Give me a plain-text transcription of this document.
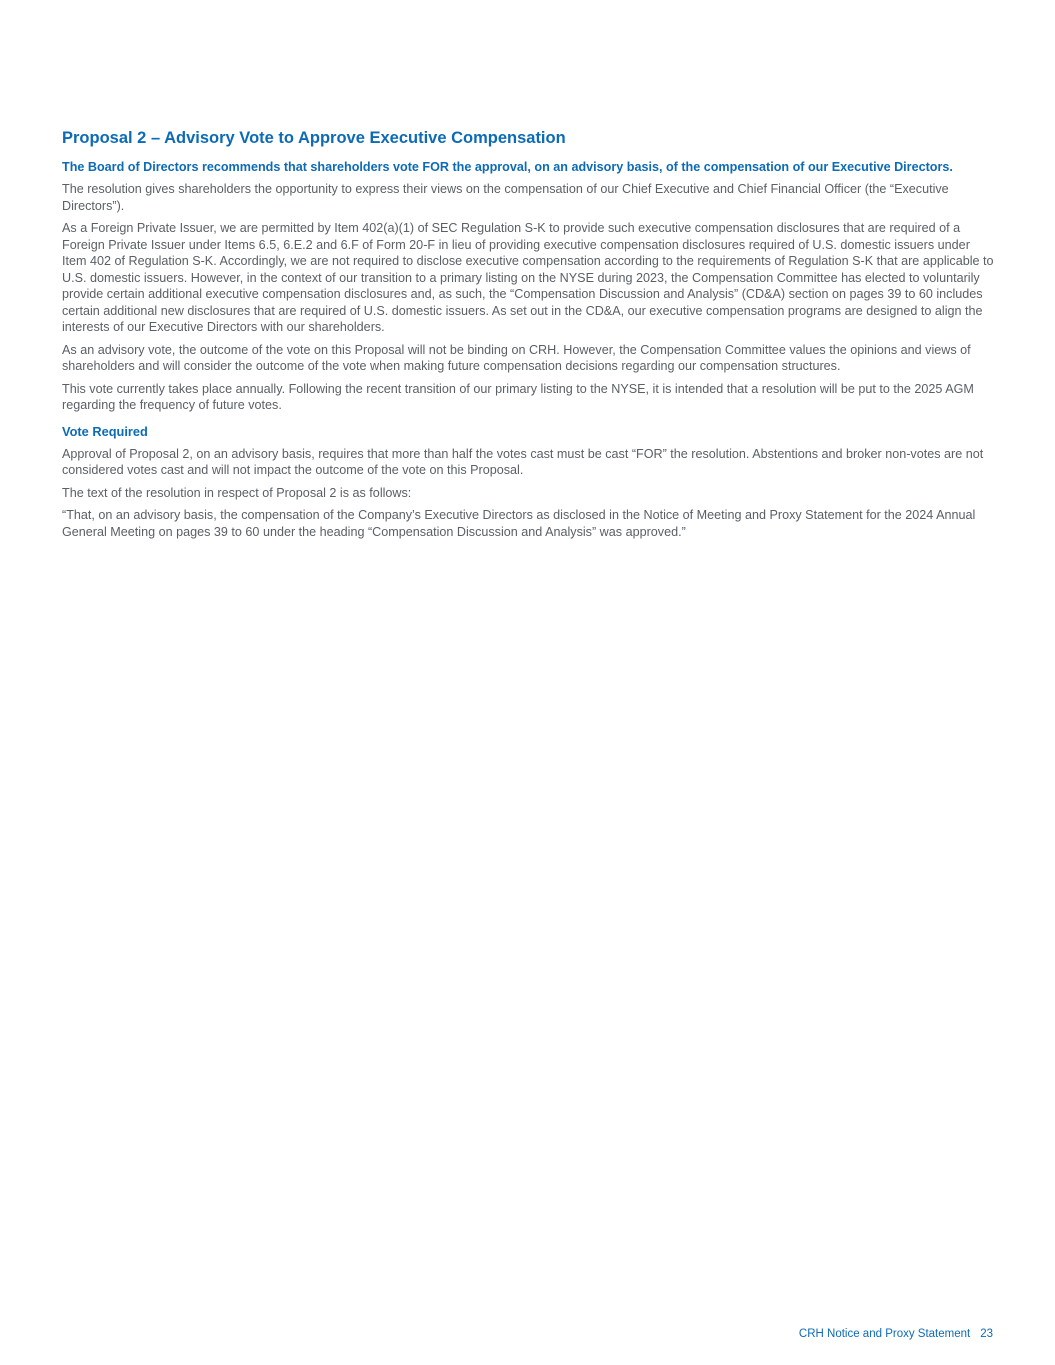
Proposal 2 – Advisory Vote to Approve Executive Compensation
The Board of Directors recommends that shareholders vote FOR the approval, on an advisory basis, of the compensation of our Executive Directors.

The resolution gives shareholders the opportunity to express their views on the compensation of our Chief Executive and Chief Financial Officer (the “Executive Directors”).

As a Foreign Private Issuer, we are permitted by Item 402(a)(1) of SEC Regulation S-K to provide such executive compensation disclosures that are required of a Foreign Private Issuer under Items 6.5, 6.E.2 and 6.F of Form 20-F in lieu of providing executive compensation disclosures required of U.S. domestic issuers under Item 402 of Regulation S-K. Accordingly, we are not required to disclose executive compensation according to the requirements of Regulation S-K that are applicable to U.S. domestic issuers. However, in the context of our transition to a primary listing on the NYSE during 2023, the Compensation Committee has elected to voluntarily provide certain additional executive compensation disclosures and, as such, the “Compensation Discussion and Analysis” (CD&A) section on pages 39 to 60 includes certain additional new disclosures that are required of U.S. domestic issuers. As set out in the CD&A, our executive compensation programs are designed to align the interests of our Executive Directors with our shareholders.

As an advisory vote, the outcome of the vote on this Proposal will not be binding on CRH. However, the Compensation Committee values the opinions and views of shareholders and will consider the outcome of the vote when making future compensation decisions regarding our compensation structures.

This vote currently takes place annually. Following the recent transition of our primary listing to the NYSE, it is intended that a resolution will be put to the 2025 AGM regarding the frequency of future votes.

Vote Required

Approval of Proposal 2, on an advisory basis, requires that more than half the votes cast must be cast “FOR” the resolution. Abstentions and broker non-votes are not considered votes cast and will not impact the outcome of the vote on this Proposal.

The text of the resolution in respect of Proposal 2 is as follows:

“That, on an advisory basis, the compensation of the Company’s Executive Directors as disclosed in the Notice of Meeting and Proxy Statement for the 2024 Annual General Meeting on pages 39 to 60 under the heading “Compensation Discussion and Analysis” was approved.”

CRH Notice and Proxy Statement 23
